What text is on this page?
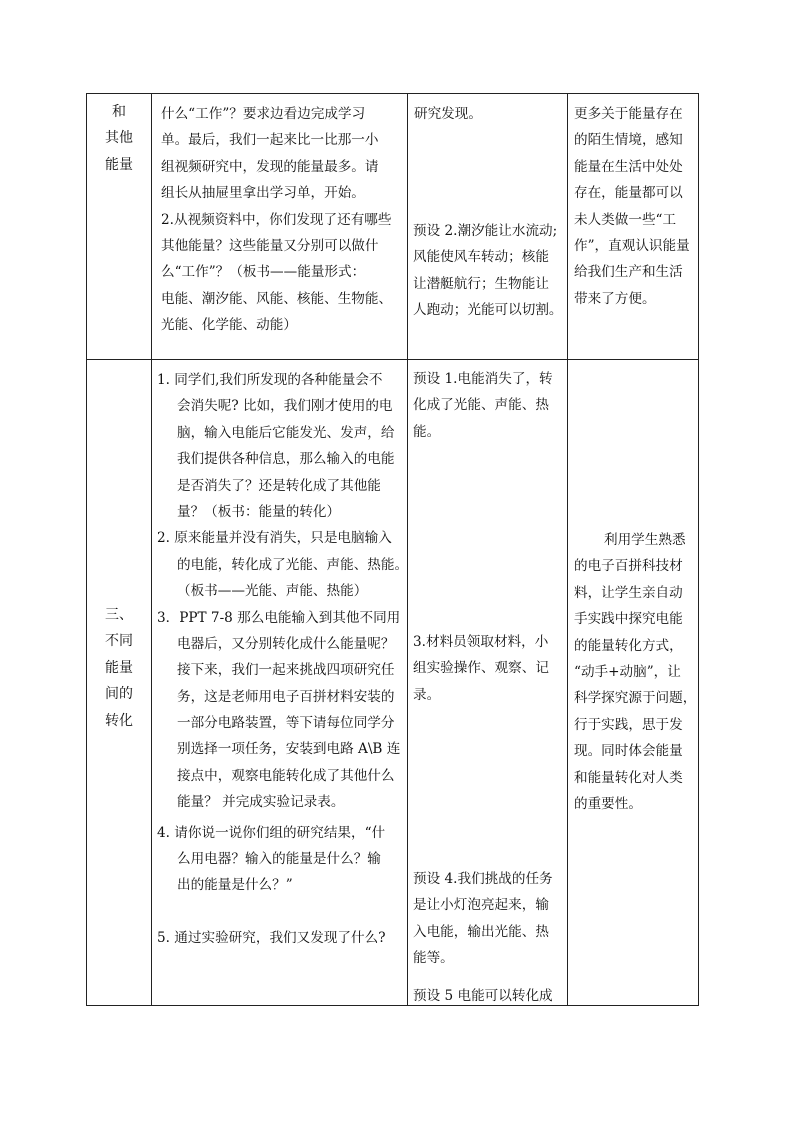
和
其他
能量
什么“工作”？要求边看边完成学习
单。最后，我们一起来比一比那一小
组视频研究中，发现的能量最多。请
组长从抽屉里拿出学习单，开始。
2.从视频资料中，你们发现了还有哪些
其他能量？这些能量又分别可以做什
么“工作”？（板书——能量形式：
电能、潮汐能、风能、核能、生物能、
光能、化学能、动能）
研究发现。
预设 2.潮汐能让水流动;
风能使风车转动；核能
让潜艇航行；生物能让
人跑动；光能可以切割。
更多关于能量存在
的陌生情境，感知
能量在生活中处处
存在，能量都可以
未人类做一些“工
作”，直观认识能量
给我们生产和生活
带来了方便。
三、
不同
能量
间的
转化
1. 同学们,我们所发现的各种能量会不
会消失呢? 比如，我们刚才使用的电
脑，输入电能后它能发光、发声，给
我们提供各种信息，那么输入的电能
是否消失了？还是转化成了其他能
量？（板书：能量的转化）
2. 原来能量并没有消失，只是电脑输入
的电能，转化成了光能、声能、热能。
（板书——光能、声能、热能）
3．PPT 7-8 那么电能输入到其他不同用
电器后，又分别转化成什么能量呢？
接下来，我们一起来挑战四项研究任
务，这是老师用电子百拼材料安装的
一部分电路装置，等下请每位同学分
别选择一项任务，安装到电路 A\B 连
接点中，观察电能转化成了其他什么
能量？ 并完成实验记录表。
4. 请你说一说你们组的研究结果，“什
么用电器？输入的能量是什么？输
出的能量是什么？”
5. 通过实验研究，我们又发现了什么?
预设 1.电能消失了，转
化成了光能、声能、热
能。
3.材料员领取材料，小
组实验操作、观察、记
录。
预设 4.我们挑战的任务
是让小灯泡亮起来，输
入电能，输出光能、热
能等。
预设 5 电能可以转化成
利用学生熟悉
的电子百拼科技材
料，让学生亲自动
手实践中探究电能
的能量转化方式，
“动手+动脑”，让
科学探究源于问题，
行于实践，思于发
现。同时体会能量
和能量转化对人类
的重要性。
